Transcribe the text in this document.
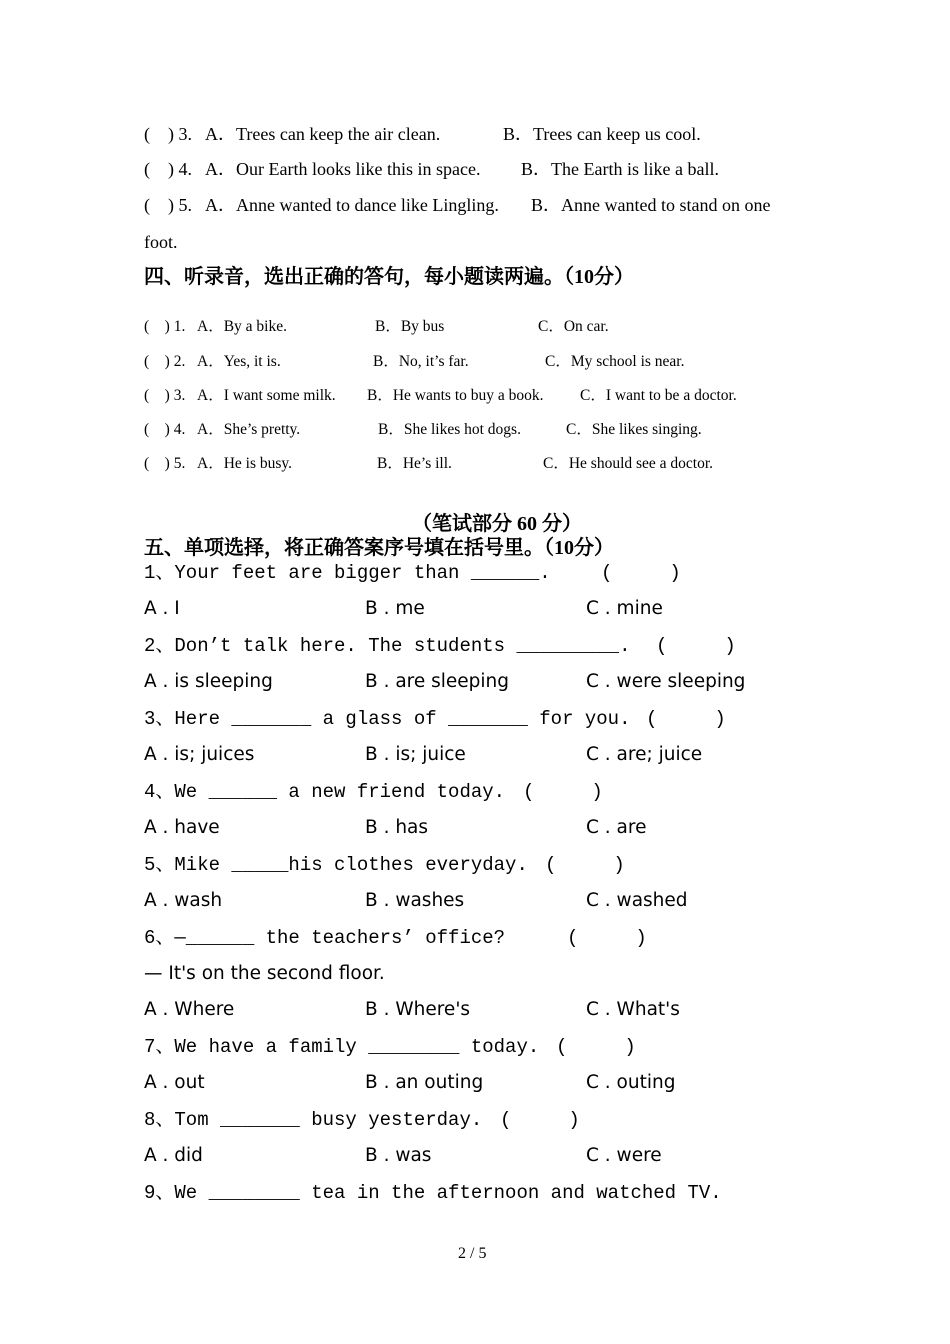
(    ) 3. A．Trees can keep the air clean.	B．Trees can keep us cool.
(    ) 4. A．Our Earth looks like this in space. B．The Earth is like a ball.
(    ) 5. A．Anne wanted to dance like Lingling. B．Anne wanted to stand on one
foot.
四、听录音，选出正确的答句，每小题读两遍。（10分）
(    ) 1. A．By a bike.	B．By bus	C．On car.
(    ) 2. A．Yes, it is.	B．No, it’s far.	C．My school is near.
(    ) 3. A．I want some milk. B．He wants to buy a book. C．I want to be a doctor.
(    ) 4. A．She’s pretty.	B．She likes hot dogs.	C．She likes singing.
(    ) 5. A．He is busy.	B．He’s ill.	C．He should see a doctor.
（笔试部分 60 分）
五、单项选择，将正确答案序号填在括号里。（10分）
1、Your feet are bigger than ______.	(     )
A . I	B . me	C . mine
2、Don’t talk here. The students _________. (     )
A . is sleeping	B . are sleeping	C . were sleeping
3、Here _______ a glass of _______ for you. (     )
A . is; juices	B . is; juice	C . are; juice
4、We ______ a new friend today. (     )
A . have	B . has	C . are
5、Mike _____his clothes everyday. (     )
A . wash	B . washes	C . washed
6、—______ the teachers’ office?	(     )
— It's on the second floor.
A . Where	B . Where's	C . What's
7、We have a family ________ today. (     )
A . out	B . an outing	C . outing
8、Tom _______ busy yesterday. (     )
A . did	B . was	C . were
9、We ________ tea in the afternoon and watched TV.
2 / 5
